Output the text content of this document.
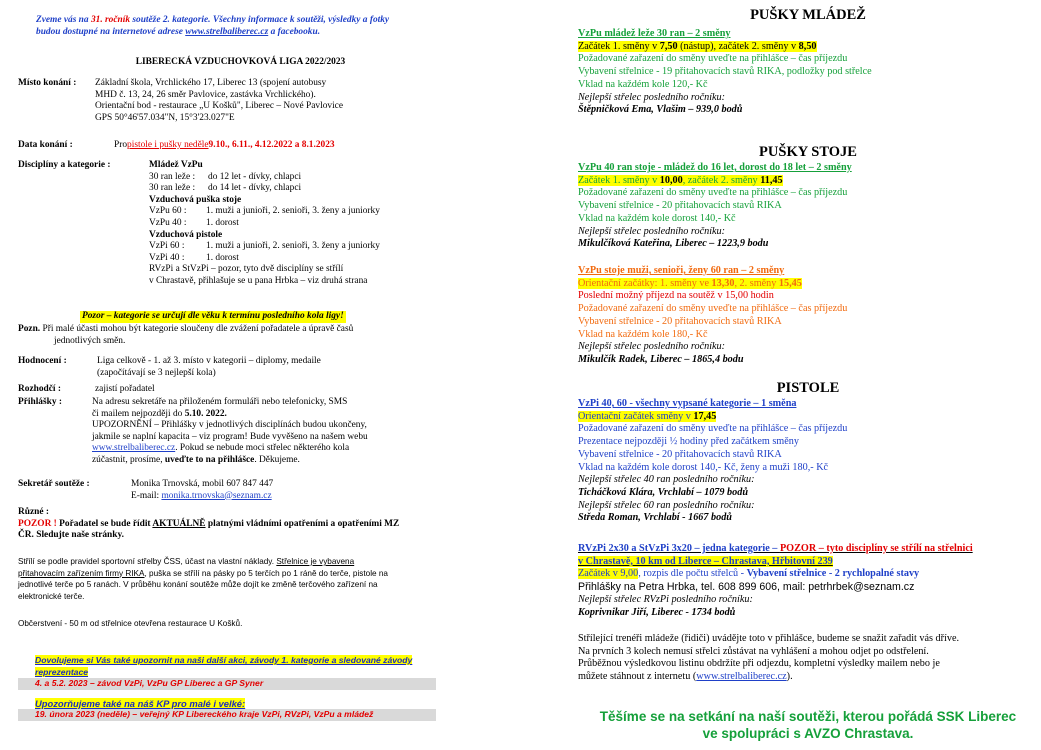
Zveme vás na 31. ročník soutěže 2. kategorie. Všechny informace k soutěži, výsledky a fotky
budou dostupné na internetové adrese www.strelbaliberec.cz a facebooku.
LIBERECKÁ VZDUCHOVKOVÁ LIGA 2022/2023
Místo konání :	Základní škola, Vrchlického 17, Liberec 13 (spojení autobusy
MHD č. 13, 24, 26 směr Pavlovice, zastávka Vrchlického).
Orientační bod - restaurace „U Košků", Liberec – Nové Pavlovice
GPS 50°46'57.034"N, 15°3'23.027"E
Data konání :	Pro pistole i pušky neděle 9.10., 6.11., 4.12.2022 a 8.1.2023
Disciplíny a kategorie :	Mládež VzPu
30 ran leže :	do 12 let - dívky, chlapci
30 ran leže :	do 14 let - dívky, chlapci
Vzduchová puška stoje
VzPu 60 :	1. muži a junioři, 2. senioři, 3. ženy a juniorky
VzPu 40 :	1. dorost
Vzduchová pistole
VzPi 60 :	1. muži a junioři, 2. senioři, 3. ženy a juniorky
VzPi 40 :	1. dorost
RVzPi a StVzPi – pozor, tyto dvě disciplíny se střílí
v Chrastavě, přihlašuje se u pana Hrbka – viz druhá strana
Pozor – kategorie se určují dle věku k termínu posledního kola ligy!
Pozn. Při malé účasti mohou být kategorie sloučeny dle zvážení pořadatele a úpravě časů
jednotlivých směn.
Hodnocení :	Liga celkově - 1. až 3. místo v kategorii – diplomy, medaile
(započítávají se 3 nejlepší kola)
Rozhodčí :	zajistí pořadatel
Přihlášky :	Na adresu sekretáře na přiloženém formuláři nebo telefonicky, SMS
či mailem nejpozději do 5.10. 2022.
UPOZORNĚNÍ – Přihlášky v jednotlivých disciplínách budou ukončeny,
jakmile se naplní kapacita – viz program! Bude vyvěšeno na našem webu
www.strelbaliberec.cz. Pokud se nebude moci střelec některého kola
zúčastnit, prosíme, uveďte to na přihlášce. Děkujeme.
Sekretář soutěže :	Monika Trnovská, mobil 607 847 447
E-mail: monika.trnovska@seznam.cz
Různé :
POZOR ! Pořadatel se bude řídit AKTUÁLNĚ platnými vládními opatřeními a opatřeními MZ
ČR. Sledujte naše stránky.
Střílí se podle pravidel sportovní střelby ČSS, účast na vlastní náklady. Střelnice je vybavena
přitahovacím zařízením firmy RIKA, puška se střílí na pásky po 5 terčích po 1 ráně do terče, pistole na
jednotlivé terče po 5 ranách. V průběhu konání soutěže může dojít ke změně terčového zařízení na
elektronické terče.
Občerstvení - 50 m od střelnice otevřena restaurace U Košků.
Dovolujeme si Vás také upozornit na naši další akci, závody 1. kategorie a sledované závody
reprezentace
4. a 5.2. 2023 – závod VzPi, VzPu GP Liberec a GP Syner
Upozorňujeme také na náš KP pro malé i velké:
19. února 2023 (neděle) – veřejný KP Libereckého kraje VzPi, RVzPi, VzPu a mládež
PUŠKY MLÁDEŽ
VzPu mládež leže 30 ran – 2 směny
Začátek 1. směny v 7,50 (nástup), začátek 2. směny v 8,50
Požadované zařazení do směny uveďte na přihlášce – čas příjezdu
Vybavení střelnice - 19 přitahovacích stavů RIKA, podložky pod střelce
Vklad na každém kole 120,- Kč
Nejlepší střelec posledního ročníku:
Štěpničková Ema, Vlašim – 939,0 bodů
PUŠKY STOJE
VzPu 40 ran stoje - mládež do 16 let, dorost do 18 let – 2 směny
Začátek 1. směny v 10,00, začátek 2. směny 11,45
Požadované zařazení do směny uveďte na přihlášce – čas příjezdu
Vybavení střelnice - 20 přitahovacích stavů RIKA
Vklad na každém kole dorost 140,- Kč
Nejlepší střelec posledního ročníku:
Mikulčíková Kateřina, Liberec – 1223,9 bodu
VzPu stoje muži, senioři, ženy 60 ran – 2 směny
Orientační začátky: 1. směny ve 13,30, 2. směny 15,45
Poslední možný příjezd na soutěž v 15,00 hodin
Požadované zařazení do směny uveďte na přihlášce – čas příjezdu
Vybavení střelnice - 20 přitahovacích stavů RIKA
Vklad na každém kole 180,- Kč
Nejlepší střelec posledního ročníku:
Mikulčík Radek, Liberec – 1865,4 bodu
PISTOLE
VzPi 40, 60 - všechny vypsané kategorie – 1 směna
Orientační začátek směny v 17,45
Požadované zařazení do směny uveďte na přihlášce – čas příjezdu
Prezentace nejpozději ½ hodiny před začátkem směny
Vybavení střelnice - 20 přitahovacích stavů RIKA
Vklad na každém kole dorost 140,- Kč, ženy a muži 180,- Kč
Nejlepší střelec 40 ran posledního ročníku:
Ticháčková Klára, Vrchlabí – 1079 bodů
Nejlepší střelec 60 ran posledního ročníku:
Středa Roman, Vrchlabí - 1667 bodů
RVzPi 2x30 a StVzPi 3x20 – jedna kategorie – POZOR – tyto disciplíny se střílí na střelnici
v Chrastavě, 10 km od Liberce – Chrastava, Hřbitovní 239
Začátek v 9,00, rozpis dle počtu střelců - Vybavení střelnice - 2 rychlopalné stavy
Přihlášky na Petra Hrbka, tel. 608 899 606, mail: petrhrbek@seznam.cz
Nejlepší střelec RVzPi posledního ročníku:
Koprivnikar Jiří, Liberec - 1734 bodů
Střílející trenéři mládeže (řidiči) uvádějte toto v přihlášce, budeme se snažit zařadit vás dříve.
Na prvních 3 kolech nemusí střelci zůstávat na vyhlášení a mohou odjet po odstřelení.
Průběžnou výsledkovou listinu obdržíte při odjezdu, kompletní výsledky mailem nebo je
můžete stáhnout z internetu (www.strelbaliberec.cz).
Těšíme se na setkání na naší soutěži, kterou pořádá SSK Liberec
ve spolupráci s AVZO Chrastava.
